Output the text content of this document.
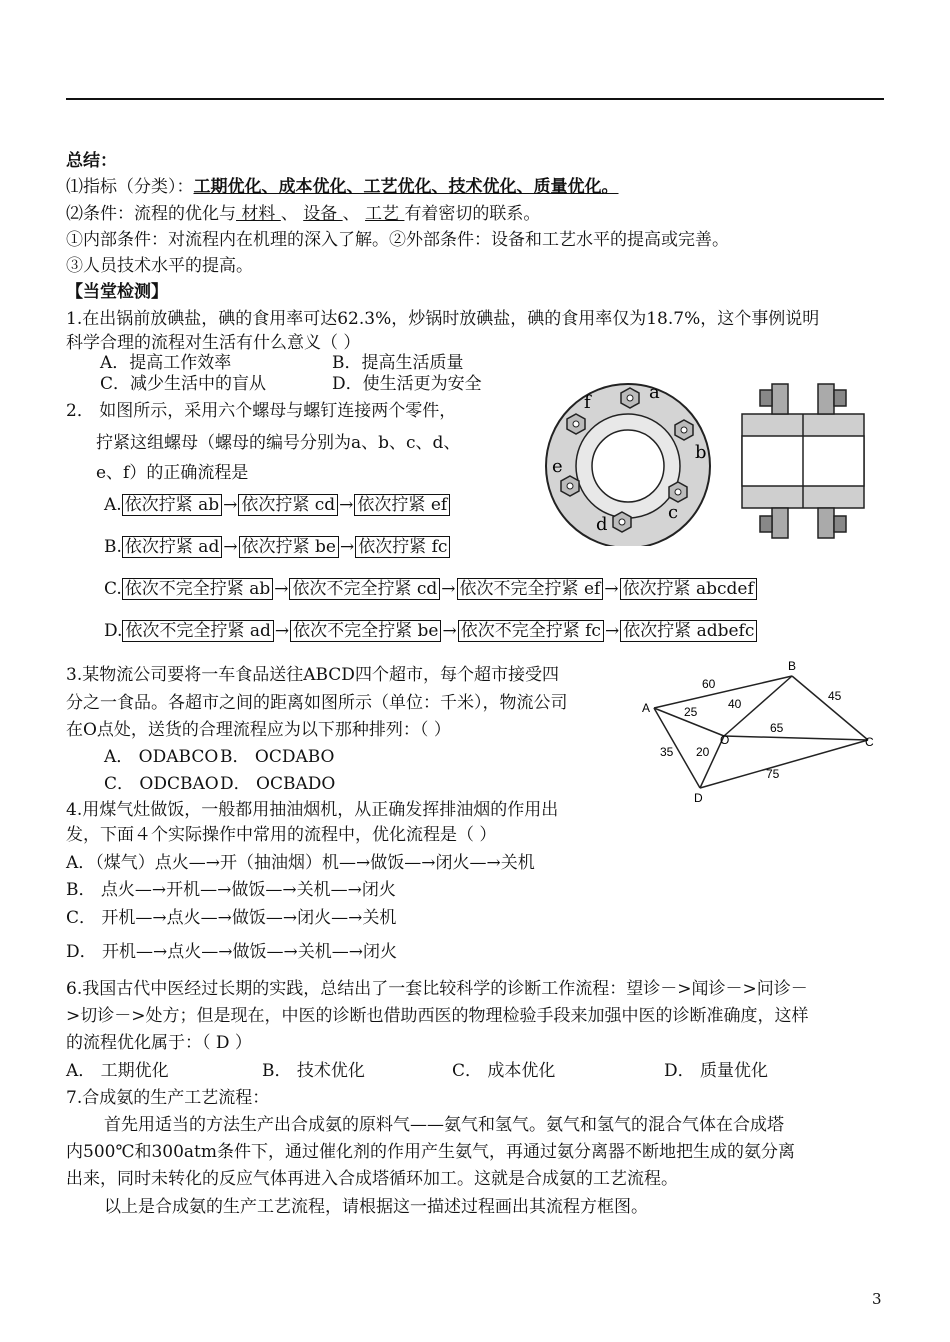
总结：
⑴指标（分类）：工期优化、成本优化、工艺优化、技术优化、质量优化。
⑵条件：流程的优化与 材料 、 设备 、 工艺 有着密切的联系。
①内部条件：对流程内在机理的深入了解。②外部条件：设备和工艺水平的提高或完善。
③人员技术水平的提高。
【当堂检测】
1.在出锅前放碘盐，碘的食用率可达62.3%，炒锅时放碘盐，碘的食用率仅为18.7%，这个事例说明
科学合理的流程对生活有什么意义（ ）
A．提高工作效率	B．提高生活质量
C．减少生活中的盲从	D．使生活更为安全
2． 如图所示，采用六个螺母与螺钉连接两个零件，
拧紧这组螺母（螺母的编号分别为a、b、c、d、
e、f）的正确流程是
A. 依次拧紧 ab → 依次拧紧 cd → 依次拧紧 ef
B. 依次拧紧 ad → 依次拧紧 be → 依次拧紧 fc
C. 依次不完全拧紧 ab → 依次不完全拧紧 cd → 依次不完全拧紧 ef → 依次拧紧 abcdef
D. 依次不完全拧紧 ad → 依次不完全拧紧 be → 依次不完全拧紧 fc → 依次拧紧 adbefc
a
b
c
d
e
f
3.某物流公司要将一车食品送往ABCD四个超市，每个超市接受四
分之一食品。各超市之间的距离如图所示（单位：千米），物流公司
在O点处，送货的合理流程应为以下那种排列：（ ）
A． ODABCO B． OCDABO
C． ODCBAO D． OCBADO
A
B
C
D
O
60
45
25
40
65
35 20
75
4.用煤气灶做饭，一般都用抽油烟机，从正确发挥排油烟的作用出
发，下面４个实际操作中常用的流程中，优化流程是（ ）
A．（煤气）点火—→开（抽油烟）机—→做饭—→闭火—→关机
B． 点火—→开机—→做饭—→关机—→闭火
C． 开机—→点火—→做饭—→闭火—→关机
D． 开机—→点火—→做饭—→关机—→闭火
6.我国古代中医经过长期的实践，总结出了一套比较科学的诊断工作流程：望诊－>闻诊－>问诊－
>切诊－>处方；但是现在，中医的诊断也借助西医的物理检验手段来加强中医的诊断准确度，这样
的流程优化属于：（ D ）
A． 工期优化	B． 技术优化	C． 成本优化	D． 质量优化
7.合成氨的生产工艺流程：
首先用适当的方法生产出合成氨的原料气——氨气和氢气。氨气和氢气的混合气体在合成塔
内500℃和300atm条件下，通过催化剂的作用产生氨气，再通过氨分离器不断地把生成的氨分离
出来，同时未转化的反应气体再进入合成塔循环加工。这就是合成氨的工艺流程。
以上是合成氨的生产工艺流程，请根据这一描述过程画出其流程方框图。
3
